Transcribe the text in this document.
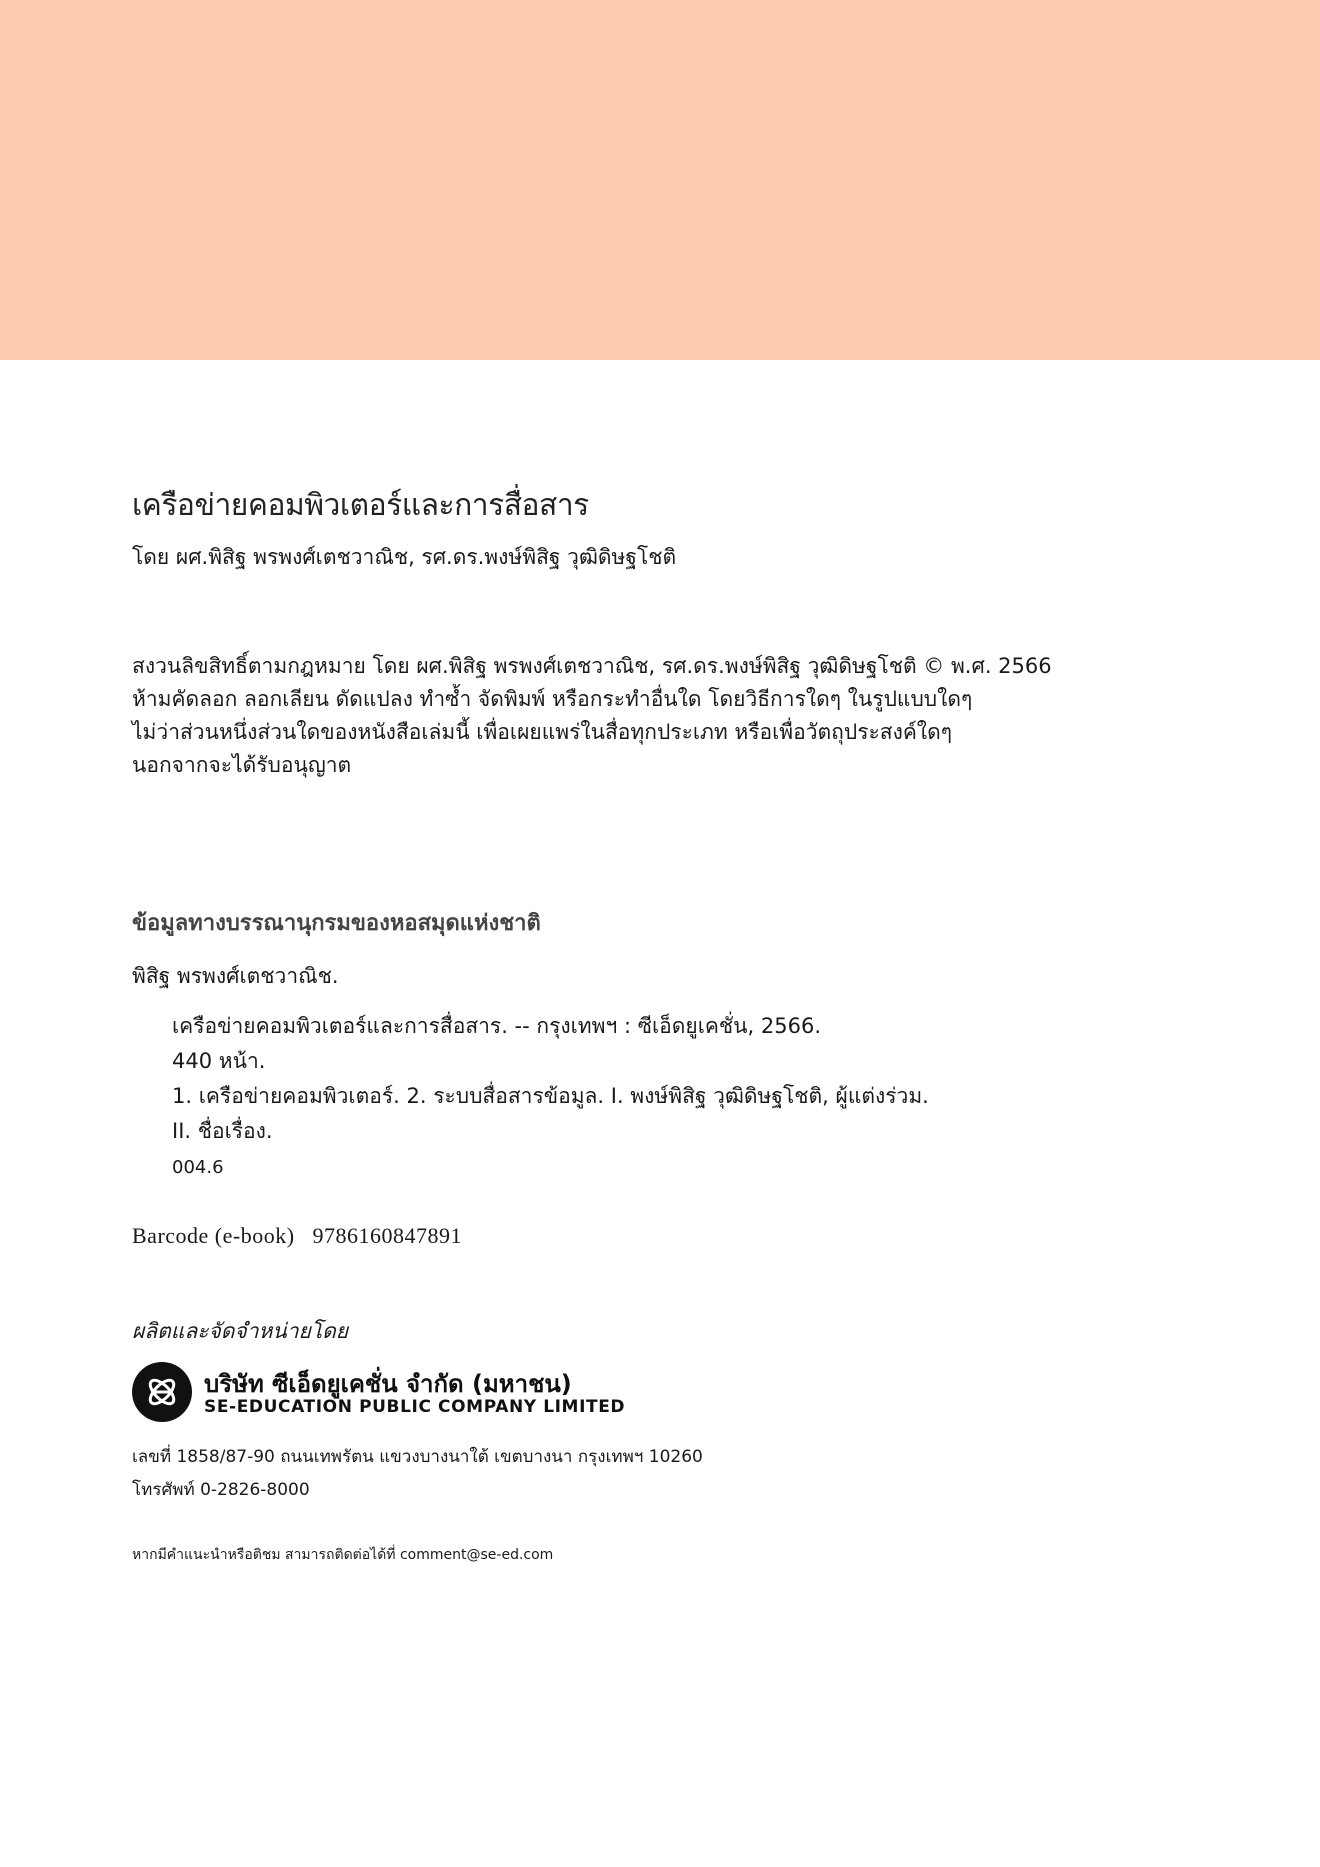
เครือข่ายคอมพิวเตอร์และการสื่อสาร
โดย ผศ.พิสิฐ พรพงศ์เตชวาณิช, รศ.ดร.พงษ์พิสิฐ วุฒิดิษฐโชติ
สงวนลิขสิทธิ์ตามกฎหมาย โดย ผศ.พิสิฐ พรพงศ์เตชวาณิช, รศ.ดร.พงษ์พิสิฐ วุฒิดิษฐโชติ © พ.ศ. 2566
ห้ามคัดลอก ลอกเลียน ดัดแปลง ทำซ้ำ จัดพิมพ์ หรือกระทำอื่นใด โดยวิธีการใดๆ ในรูปแบบใดๆ
ไม่ว่าส่วนหนึ่งส่วนใดของหนังสือเล่มนี้ เพื่อเผยแพร่ในสื่อทุกประเภท หรือเพื่อวัตถุประสงค์ใดๆ
นอกจากจะได้รับอนุญาต
ข้อมูลทางบรรณานุกรมของหอสมุดแห่งชาติ
พิสิฐ พรพงศ์เตชวาณิช.
เครือข่ายคอมพิวเตอร์และการสื่อสาร. -- กรุงเทพฯ : ซีเอ็ดยูเคชั่น, 2566.
440 หน้า.
1. เครือข่ายคอมพิวเตอร์. 2. ระบบสื่อสารข้อมูล. I. พงษ์พิสิฐ วุฒิดิษฐโชติ, ผู้แต่งร่วม.
II. ชื่อเรื่อง.
004.6
Barcode (e-book) 9786160847891
ผลิตและจัดจำหน่ายโดย
บริษัท ซีเอ็ดยูเคชั่น จำกัด (มหาชน)
SE-EDUCATION PUBLIC COMPANY LIMITED
เลขที่ 1858/87-90 ถนนเทพรัตน แขวงบางนาใต้ เขตบางนา กรุงเทพฯ 10260
โทรศัพท์ 0-2826-8000
หากมีคำแนะนำหรือติชม สามารถติดต่อได้ที่ comment@se-ed.com
